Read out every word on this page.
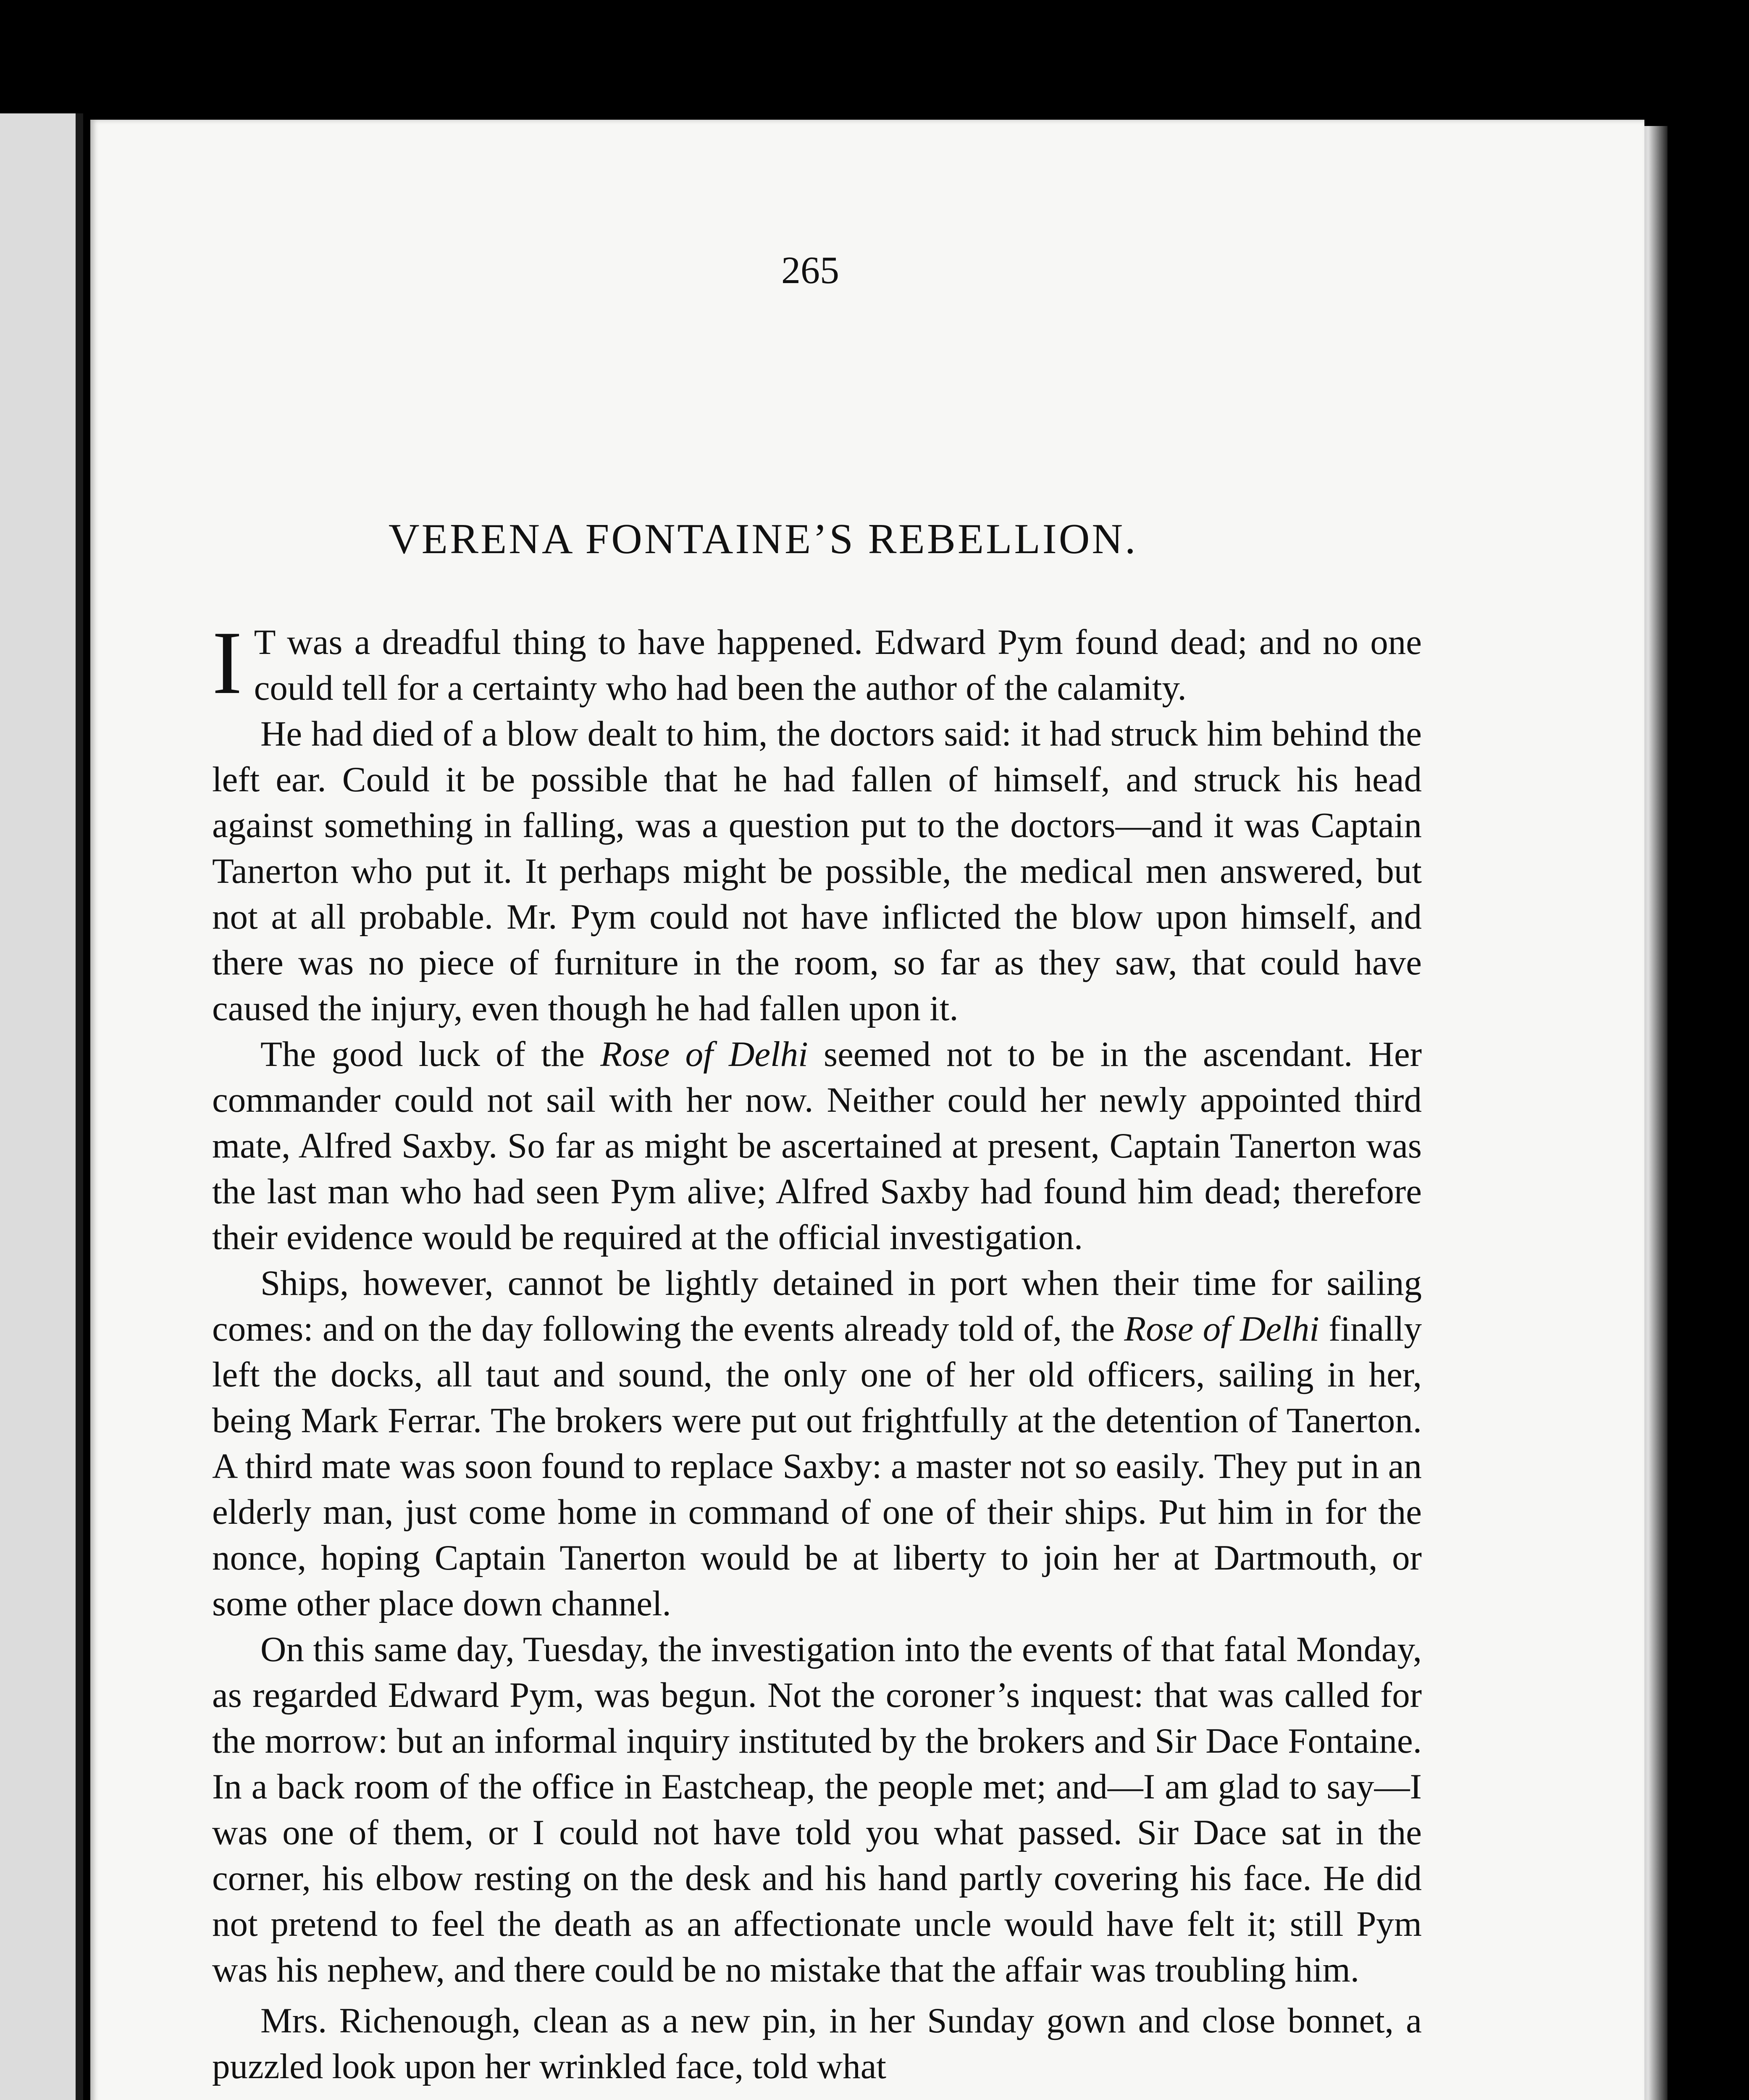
265
VERENA FONTAINE’S REBELLION.

I T was a dreadful thing to have happened. Edward Pym found dead; and no one could tell for a certainty who had been the author of the calamity.

He had died of a blow dealt to him, the doctors said: it had struck him behind the left ear. Could it be possible that he had fallen of himself, and struck his head against something in falling, was a question put to the doctors—and it was Captain Tanerton who put it. It perhaps might be possible, the medical men answered, but not at all probable. Mr. Pym could not have inflicted the blow upon himself, and there was no piece of furniture in the room, so far as they saw, that could have caused the injury, even though he had fallen upon it.

The good luck of the Rose of Delhi seemed not to be in the ascendant. Her commander could not sail with her now. Neither could her newly appointed third mate, Alfred Saxby. So far as might be ascertained at present, Captain Tanerton was the last man who had seen Pym alive; Alfred Saxby had found him dead; therefore their evidence would be required at the official investigation.

Ships, however, cannot be lightly detained in port when their time for sailing comes: and on the day following the events already told of, the Rose of Delhi finally left the docks, all taut and sound, the only one of her old officers, sailing in her, being Mark Ferrar. The brokers were put out frightfully at the detention of Tanerton. A third mate was soon found to replace Saxby: a master not so easily. They put in an elderly man, just come home in command of one of their ships. Put him in for the nonce, hoping Captain Tanerton would be at liberty to join her at Dartmouth, or some other place down channel.

On this same day, Tuesday, the investigation into the events of that fatal Monday, as regarded Edward Pym, was begun. Not the coroner’s inquest: that was called for the morrow: but an informal inquiry instituted by the brokers and Sir Dace Fontaine. In a back room of the office in Eastcheap, the people met; and—I am glad to say—I was one of them, or I could not have told you what passed. Sir Dace sat in the corner, his elbow resting on the desk and his hand partly covering his face. He did not pretend to feel the death as an affectionate uncle would have felt it; still Pym was his nephew, and there could be no mistake that the affair was troubling him.

Mrs. Richenough, clean as a new pin, in her Sunday gown and close bonnet, a puzzled look upon her wrinkled face, told what
